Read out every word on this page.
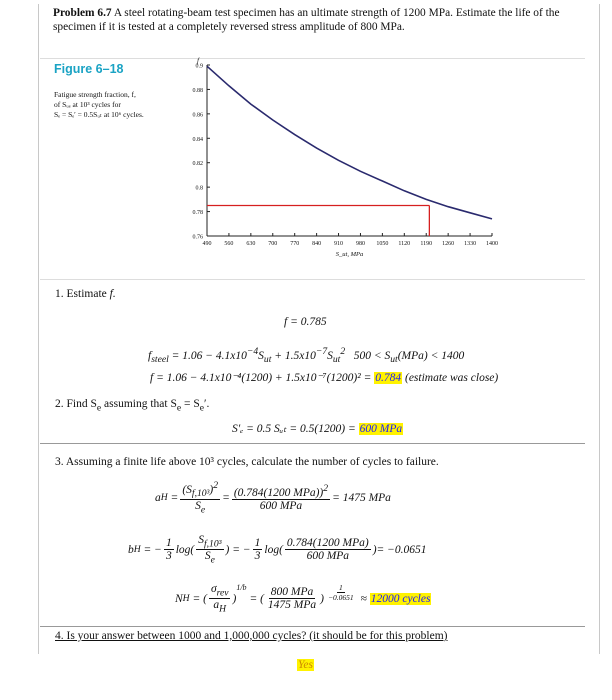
Problem 6.7 A steel rotating-beam test specimen has an ultimate strength of 1200 MPa. Estimate the life of the specimen if it is tested at a completely reversed stress amplitude of 800 MPa.
Figure 6–18
Fatigue strength fraction, f,
of Sᵤₑ at 10³ cycles for
Sₑ = Sₑ′ = 0.5Sᵤₜ at 10⁶ cycles.
0.76
0.78
0.8
0.82
0.84
0.86
0.88
0.9
490 560 630 700 770 840 910 980 1050 1120 1190 1260 1330 1400
f
S_ut, MPa
1. Estimate f.
f = 0.785
$f_{steel} = 1.06 - 4.1x10^{-4}S_{ut} + 1.5x10^{-7}S_{ut}^2$ $500 < S_{ut}(MPa) < 1400$
f = 1.06 − 4.1x10⁻⁴(1200) + 1.5x10⁻⁷(1200)² = 0.784 (estimate was close)
2. Find $S_e$ assuming that $S_e = S_e'$.
S′ₑ = 0.5 Sᵤₜ = 0.5(1200) = 600 MPa
3. Assuming a finite life above 10³ cycles, calculate the number of cycles to failure.
a $H = \frac{(S_{f,10^3})^2}{S_e} = \frac{(0.784(1200 MPa))^2}{\text{600 MPa}} = 1475$ MPa
b H
= − $\frac{1}{3}$ log ( $\frac{S_{f,10^3}}{S_e}$ ) = − $\frac{1}{3}$ log ( $\frac{\text{0.784(1200 MPa)}}{\text{600 MPa}}$ ) = −0.0651
N H = ( $\frac{\sigma_{rev}}{a_H}$ )
$^{1/b}$
= ( $\frac{\text{800 MPa}}{\text{1475 MPa}}$ ) $\frac{1}{-0.0651}$
≈
12000 cycles
4. Is your answer between 1000 and 1,000,000 cycles? (it should be for this problem)
Yes
